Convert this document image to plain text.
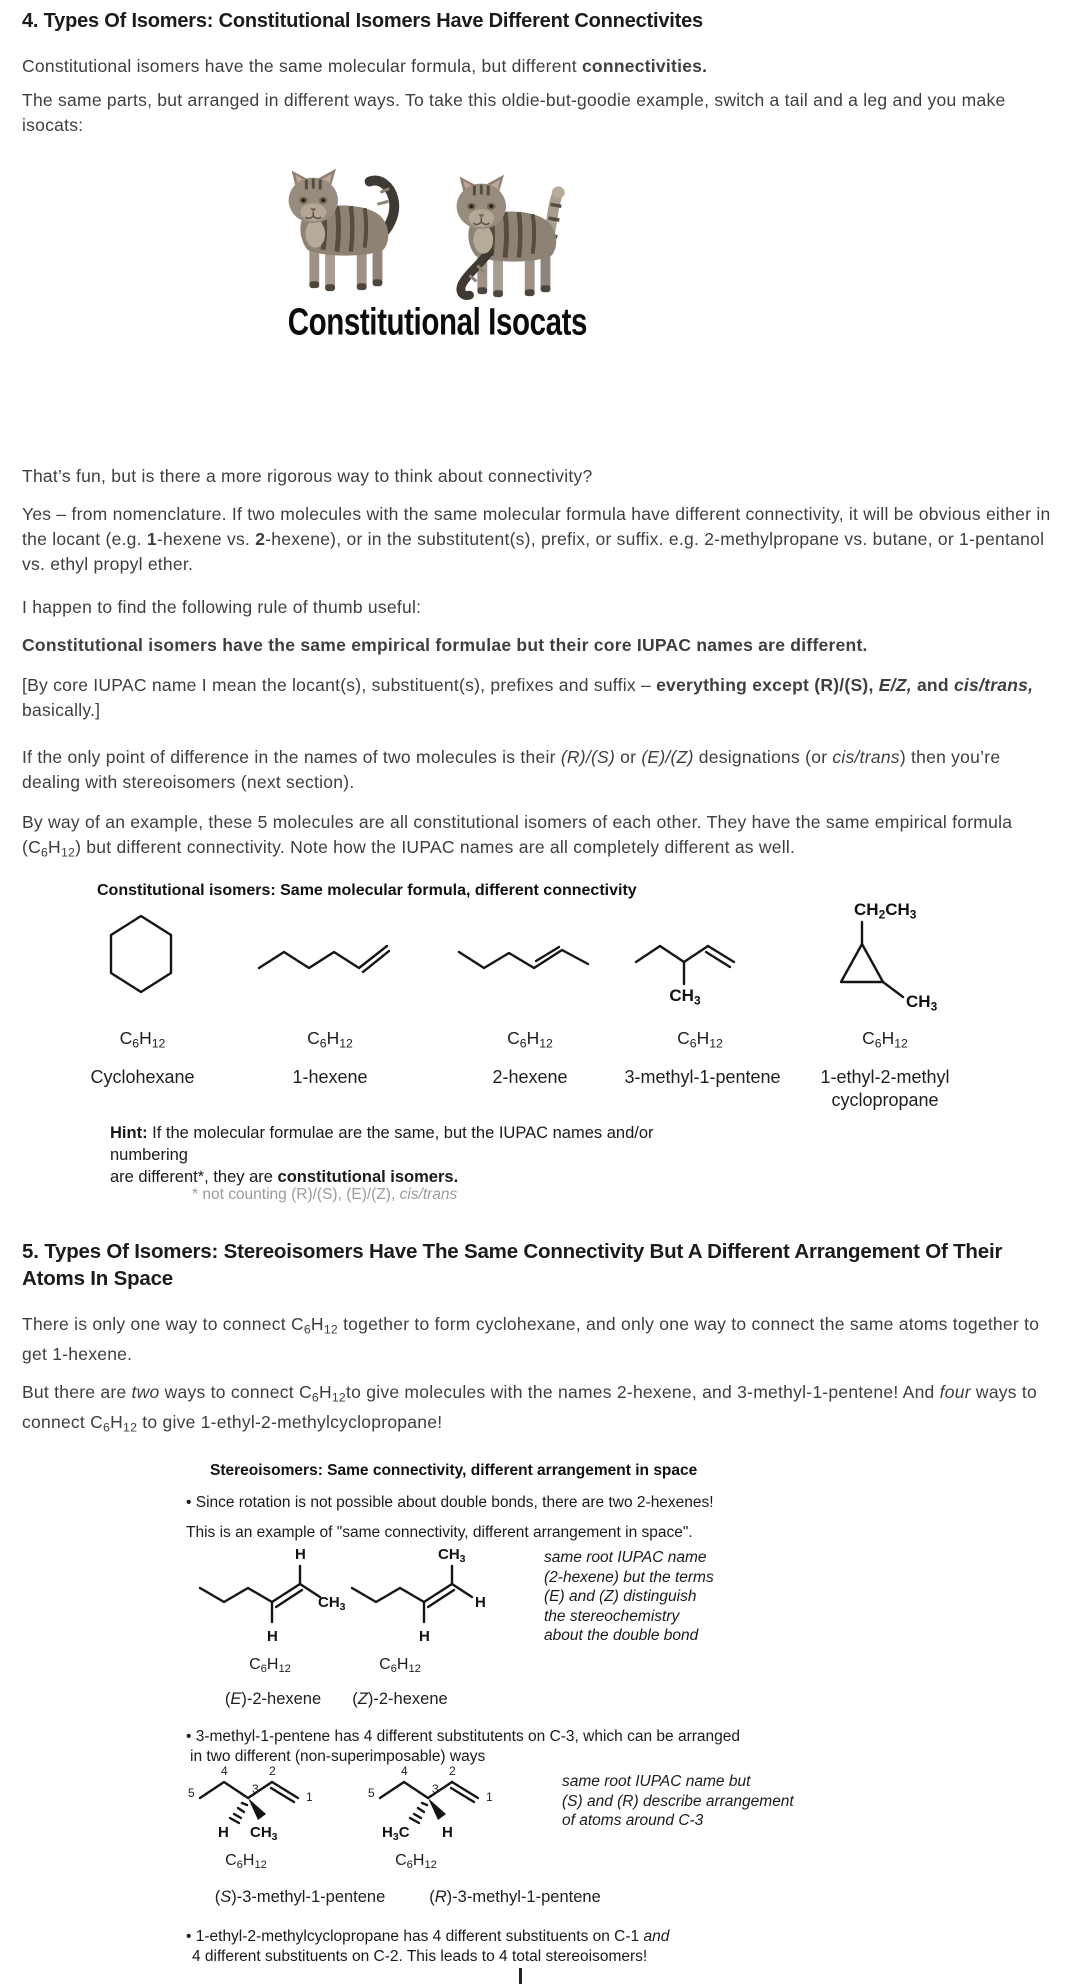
4. Types Of Isomers: Constitutional Isomers Have Different Connectivites

Constitutional isomers have the same molecular formula, but different connectivities.

The same parts, but arranged in different ways. To take this oldie-but-goodie example, switch a tail and a leg and you make isocats:

Constitutional Isocats

That’s fun, but is there a more rigorous way to think about connectivity?

Yes – from nomenclature. If two molecules with the same molecular formula have different connectivity, it will be obvious either in the locant (e.g. 1-hexene vs. 2-hexene), or in the substitutent(s), prefix, or suffix. e.g. 2-methylpropane vs. butane, or 1-pentanol vs. ethyl propyl ether.

I happen to find the following rule of thumb useful:

Constitutional isomers have the same empirical formulae but their core IUPAC names are different.

[By core IUPAC name I mean the locant(s), substituent(s), prefixes and suffix – everything except (R)/(S), E/Z, and cis/trans, basically.]

If the only point of difference in the names of two molecules is their (R)/(S) or (E)/(Z) designations (or cis/trans) then you’re dealing with stereoisomers (next section).

By way of an example, these 5 molecules are all constitutional isomers of each other. They have the same empirical formula (C6H12) but different connectivity. Note how the IUPAC names are all completely different as well.

Constitutional isomers: Same molecular formula, different connectivity
C6H12
Cyclohexane
C6H12
1-hexene
C6H12
2-hexene
CH3
C6H12
3-methyl-1-pentene
CH2CH3
CH3
C6H12
1-ethyl-2-methyl
cyclopropane
Hint: If the molecular formulae are the same, but the IUPAC names and/or numbering
are different*, they are constitutional isomers.
* not counting (R)/(S), (E)/(Z), cis/trans
5. Types Of Isomers: Stereoisomers Have The Same Connectivity But A Different Arrangement Of Their Atoms In Space

There is only one way to connect C6H12 together to form cyclohexane, and only one way to connect the same atoms together to get 1-hexene.

But there are two ways to connect C6H12to give molecules with the names 2-hexene, and 3-methyl-1-pentene! And four ways to connect C6H12 to give 1-ethyl-2-methylcyclopropane!

Stereoisomers: Same connectivity, different arrangement in space
• Since rotation is not possible about double bonds, there are two 2-hexenes!
This is an example of "same connectivity, different arrangement in space".
H
CH3
H
CH3
H
H
same root IUPAC name
(2-hexene) but the terms
(E) and (Z) distinguish
the stereochemistry
about the double bond
C6H12	C6H12
(E)-2-hexene	(Z)-2-hexene
• 3-methyl-1-pentene has 4 different substitutents on C-3, which can be arranged
in two different (non-superimposable) ways
5
4
3
2
1
H CH3
5
4
3
2
1
H3C H
same root IUPAC name but
(S) and (R) describe arrangement
of atoms around C-3
C6H12	C6H12
(S)-3-methyl-1-pentene	(R)-3-methyl-1-pentene
• 1-ethyl-2-methylcyclopropane has 4 different substituents on C-1 and
4 different substituents on C-2. This leads to 4 total stereoisomers!
